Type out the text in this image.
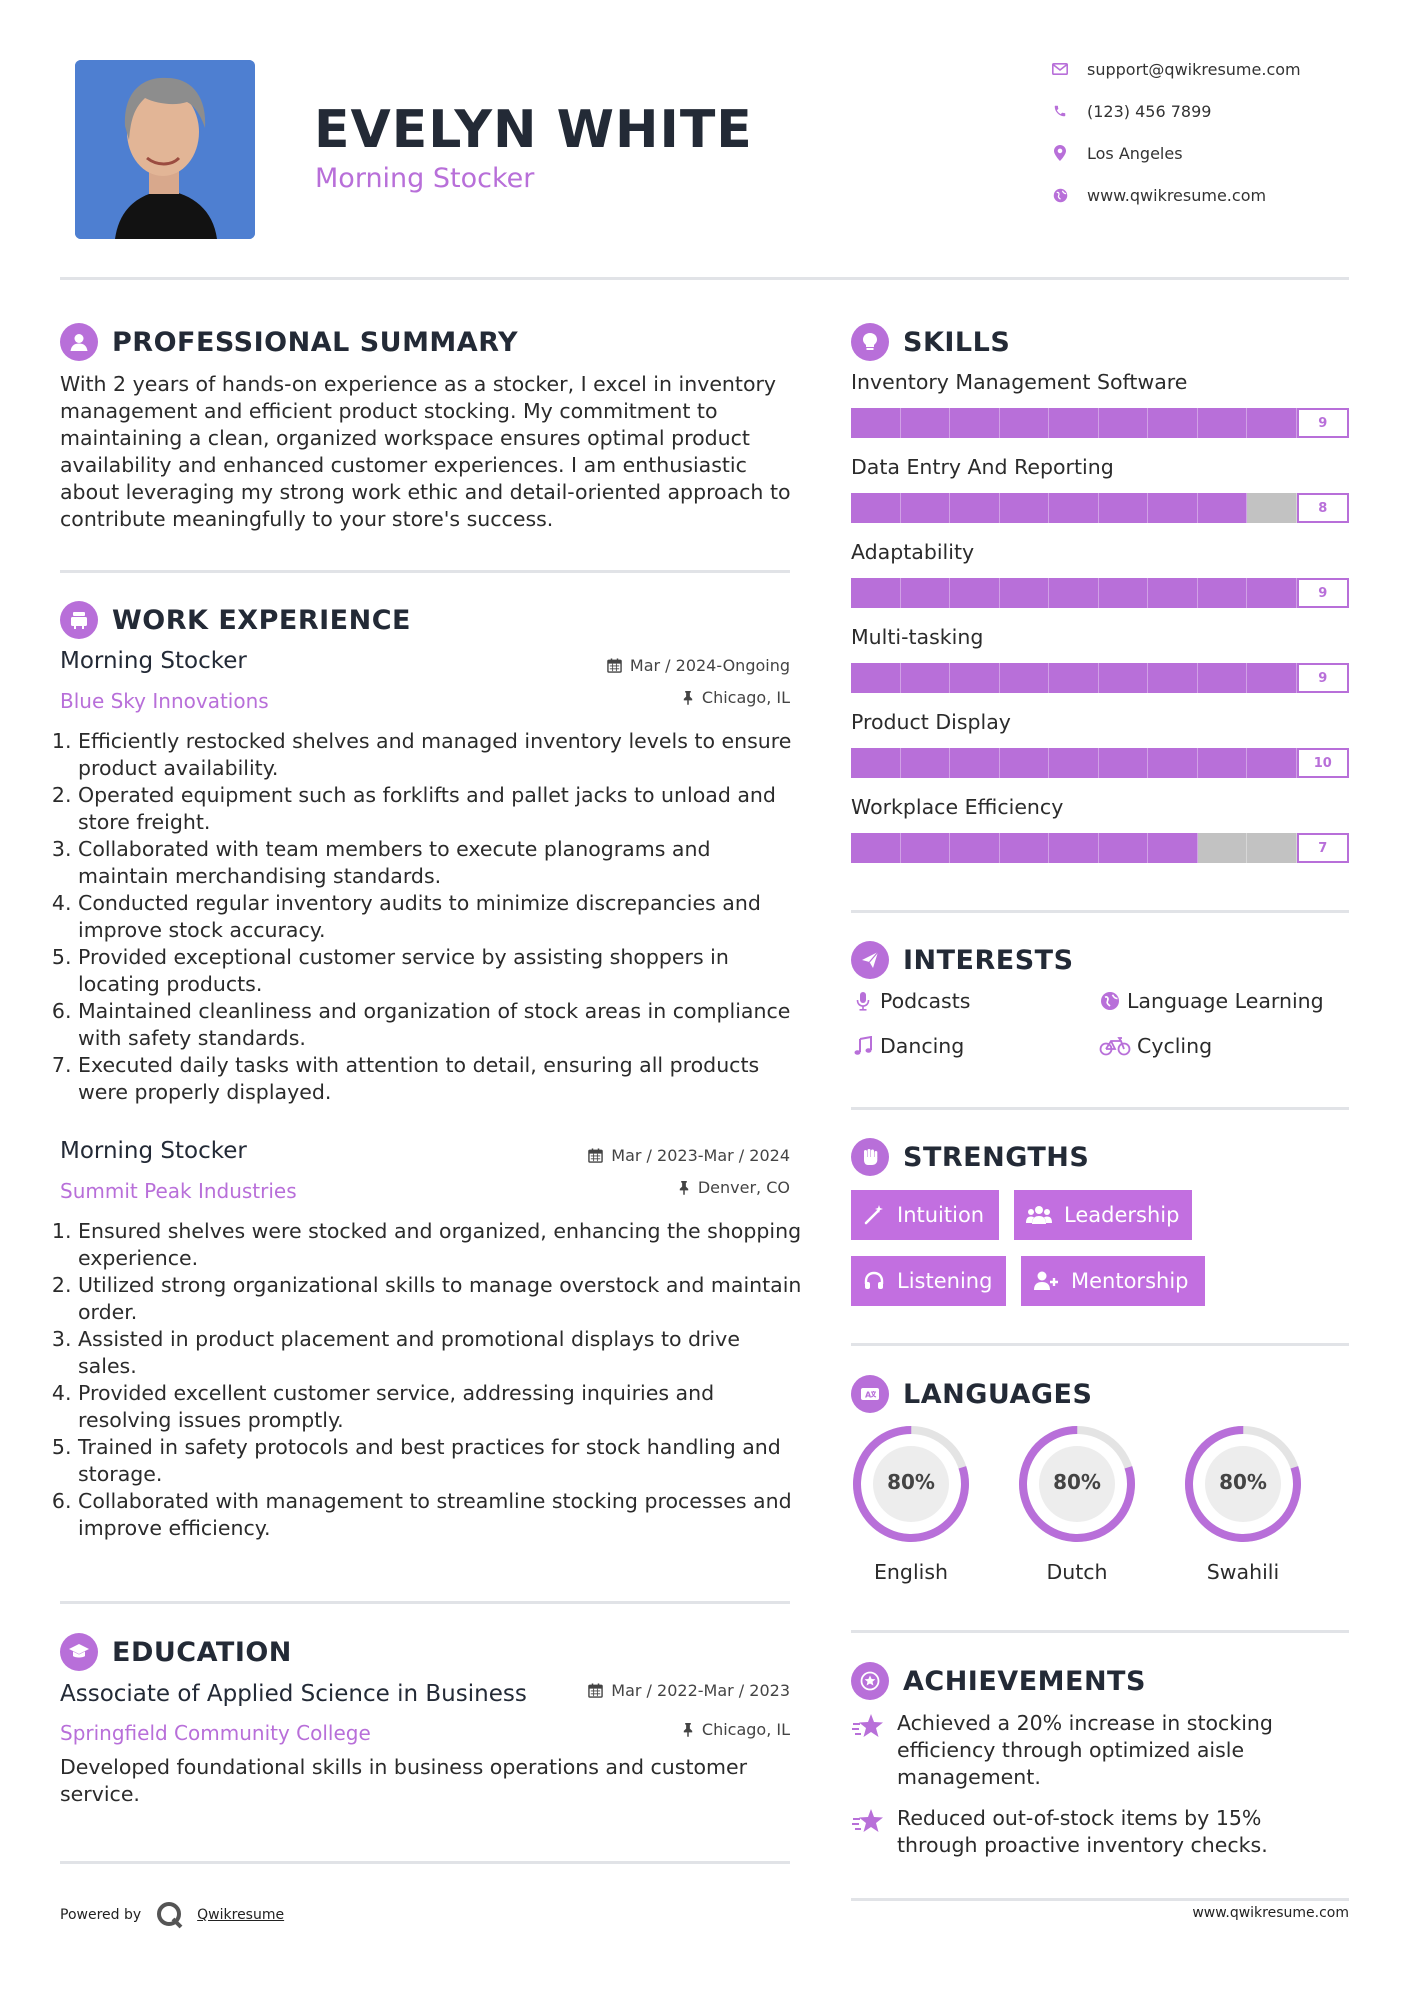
EVELYN WHITE
Morning Stocker
support@qwikresume.com
(123) 456 7899
Los Angeles
www.qwikresume.com
PROFESSIONAL SUMMARY
With 2 years of hands-on experience as a stocker, I excel in inventory management and efficient product stocking. My commitment to maintaining a clean, organized workspace ensures optimal product availability and enhanced customer experiences. I am enthusiastic about leveraging my strong work ethic and detail-oriented approach to contribute meaningfully to your store's success.
WORK EXPERIENCE
Morning Stocker
Blue Sky Innovations
Mar / 2024-Ongoing
Chicago, IL
1. Efficiently restocked shelves and managed inventory levels to ensure product availability.
2. Operated equipment such as forklifts and pallet jacks to unload and store freight.
3. Collaborated with team members to execute planograms and maintain merchandising standards.
4. Conducted regular inventory audits to minimize discrepancies and improve stock accuracy.
5. Provided exceptional customer service by assisting shoppers in locating products.
6. Maintained cleanliness and organization of stock areas in compliance with safety standards.
7. Executed daily tasks with attention to detail, ensuring all products were properly displayed.
Morning Stocker
Summit Peak Industries
Mar / 2023-Mar / 2024
Denver, CO
1. Ensured shelves were stocked and organized, enhancing the shopping experience.
2. Utilized strong organizational skills to manage overstock and maintain order.
3. Assisted in product placement and promotional displays to drive sales.
4. Provided excellent customer service, addressing inquiries and resolving issues promptly.
5. Trained in safety protocols and best practices for stock handling and storage.
6. Collaborated with management to streamline stocking processes and improve efficiency.
EDUCATION
Associate of Applied Science in Business
Springfield Community College
Mar / 2022-Mar / 2023
Chicago, IL
Developed foundational skills in business operations and customer service.
Powered by	Qwikresume
SKILLS
Inventory Management Software
9
Data Entry And Reporting
8
Adaptability
9
Multi-tasking
9
Product Display
10
Workplace Efficiency
7
INTERESTS
Podcasts	Language Learning
Dancing	Cycling
STRENGTHS
Intuition	Leadership
Listening	Mentorship
A LANGUAGES
80%
English
80%
Dutch
80%
Swahili
ACHIEVEMENTS
Achieved a 20% increase in stocking efficiency through optimized aisle management.
Reduced out-of-stock items by 15% through proactive inventory checks.
www.qwikresume.com
